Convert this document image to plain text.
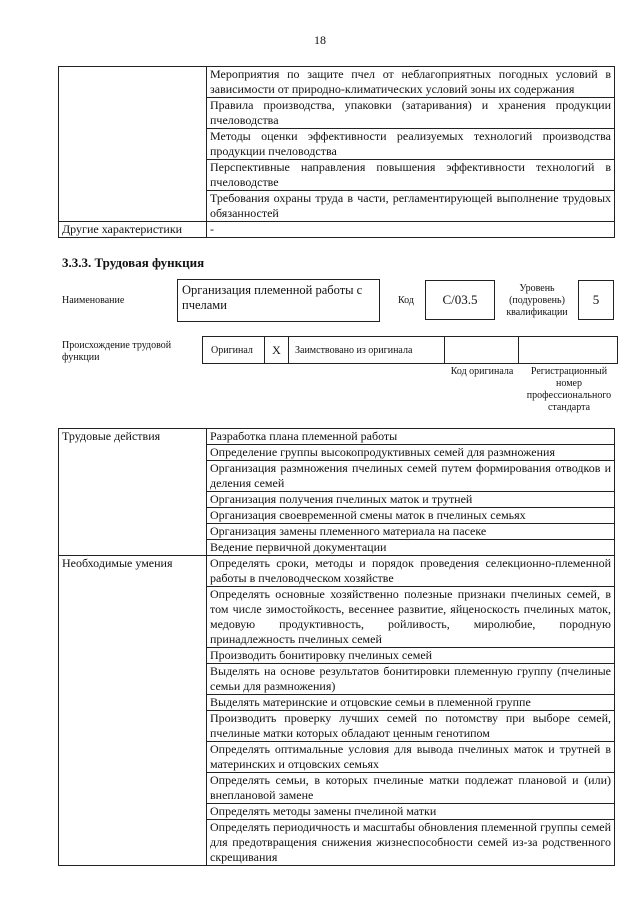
18
	Мероприятия по защите пчел от неблагоприятных погодных условий в зависимости от природно-климатических условий зоны их содержания
	Правила производства, упаковки (затаривания) и хранения продукции пчеловодства
	Методы оценки эффективности реализуемых технологий производства продукции пчеловодства
	Перспективные направления повышения эффективности технологий в пчеловодстве
	Требования охраны труда в части, регламентирующей выполнение трудовых обязанностей
Другие характеристики	-
3.3.3. Трудовая функция
Наименование
Организация племенной работы с пчелами	Код C/03.5
Уровень (подуровень) квалификации
5
Происхождение трудовой функции
Оригинал	X	Заимствовано из оригинала
Код оригинала	Регистрационный номер профессионального стандарта
Трудовые действия	Разработка плана племенной работы
	Определение группы высокопродуктивных семей для размножения
	Организация размножения пчелиных семей путем формирования отводков и деления семей
	Организация получения пчелиных маток и трутней
	Организация своевременной смены маток в пчелиных семьях
	Организация замены племенного материала на пасеке
	Ведение первичной документации
Необходимые умения	Определять сроки, методы и порядок проведения селекционно-племенной работы в пчеловодческом хозяйстве
	Определять основные хозяйственно полезные признаки пчелиных семей, в том числе зимостойкость, весеннее развитие, яйценоскость пчелиных маток, медовую продуктивность, ройливость, миролюбие, породную принадлежность пчелиных семей
	Производить бонитировку пчелиных семей
	Выделять на основе результатов бонитировки племенную группу (пчелиные семьи для размножения)
	Выделять материнские и отцовские семьи в племенной группе
	Производить проверку лучших семей по потомству при выборе семей, пчелиные матки которых обладают ценным генотипом
	Определять оптимальные условия для вывода пчелиных маток и трутней в материнских и отцовских семьях
	Определять семьи, в которых пчелиные матки подлежат плановой и (или) внеплановой замене
	Определять методы замены пчелиной матки
	Определять периодичность и масштабы обновления племенной группы семей для предотвращения снижения жизнеспособности семей из-за родственного скрещивания
